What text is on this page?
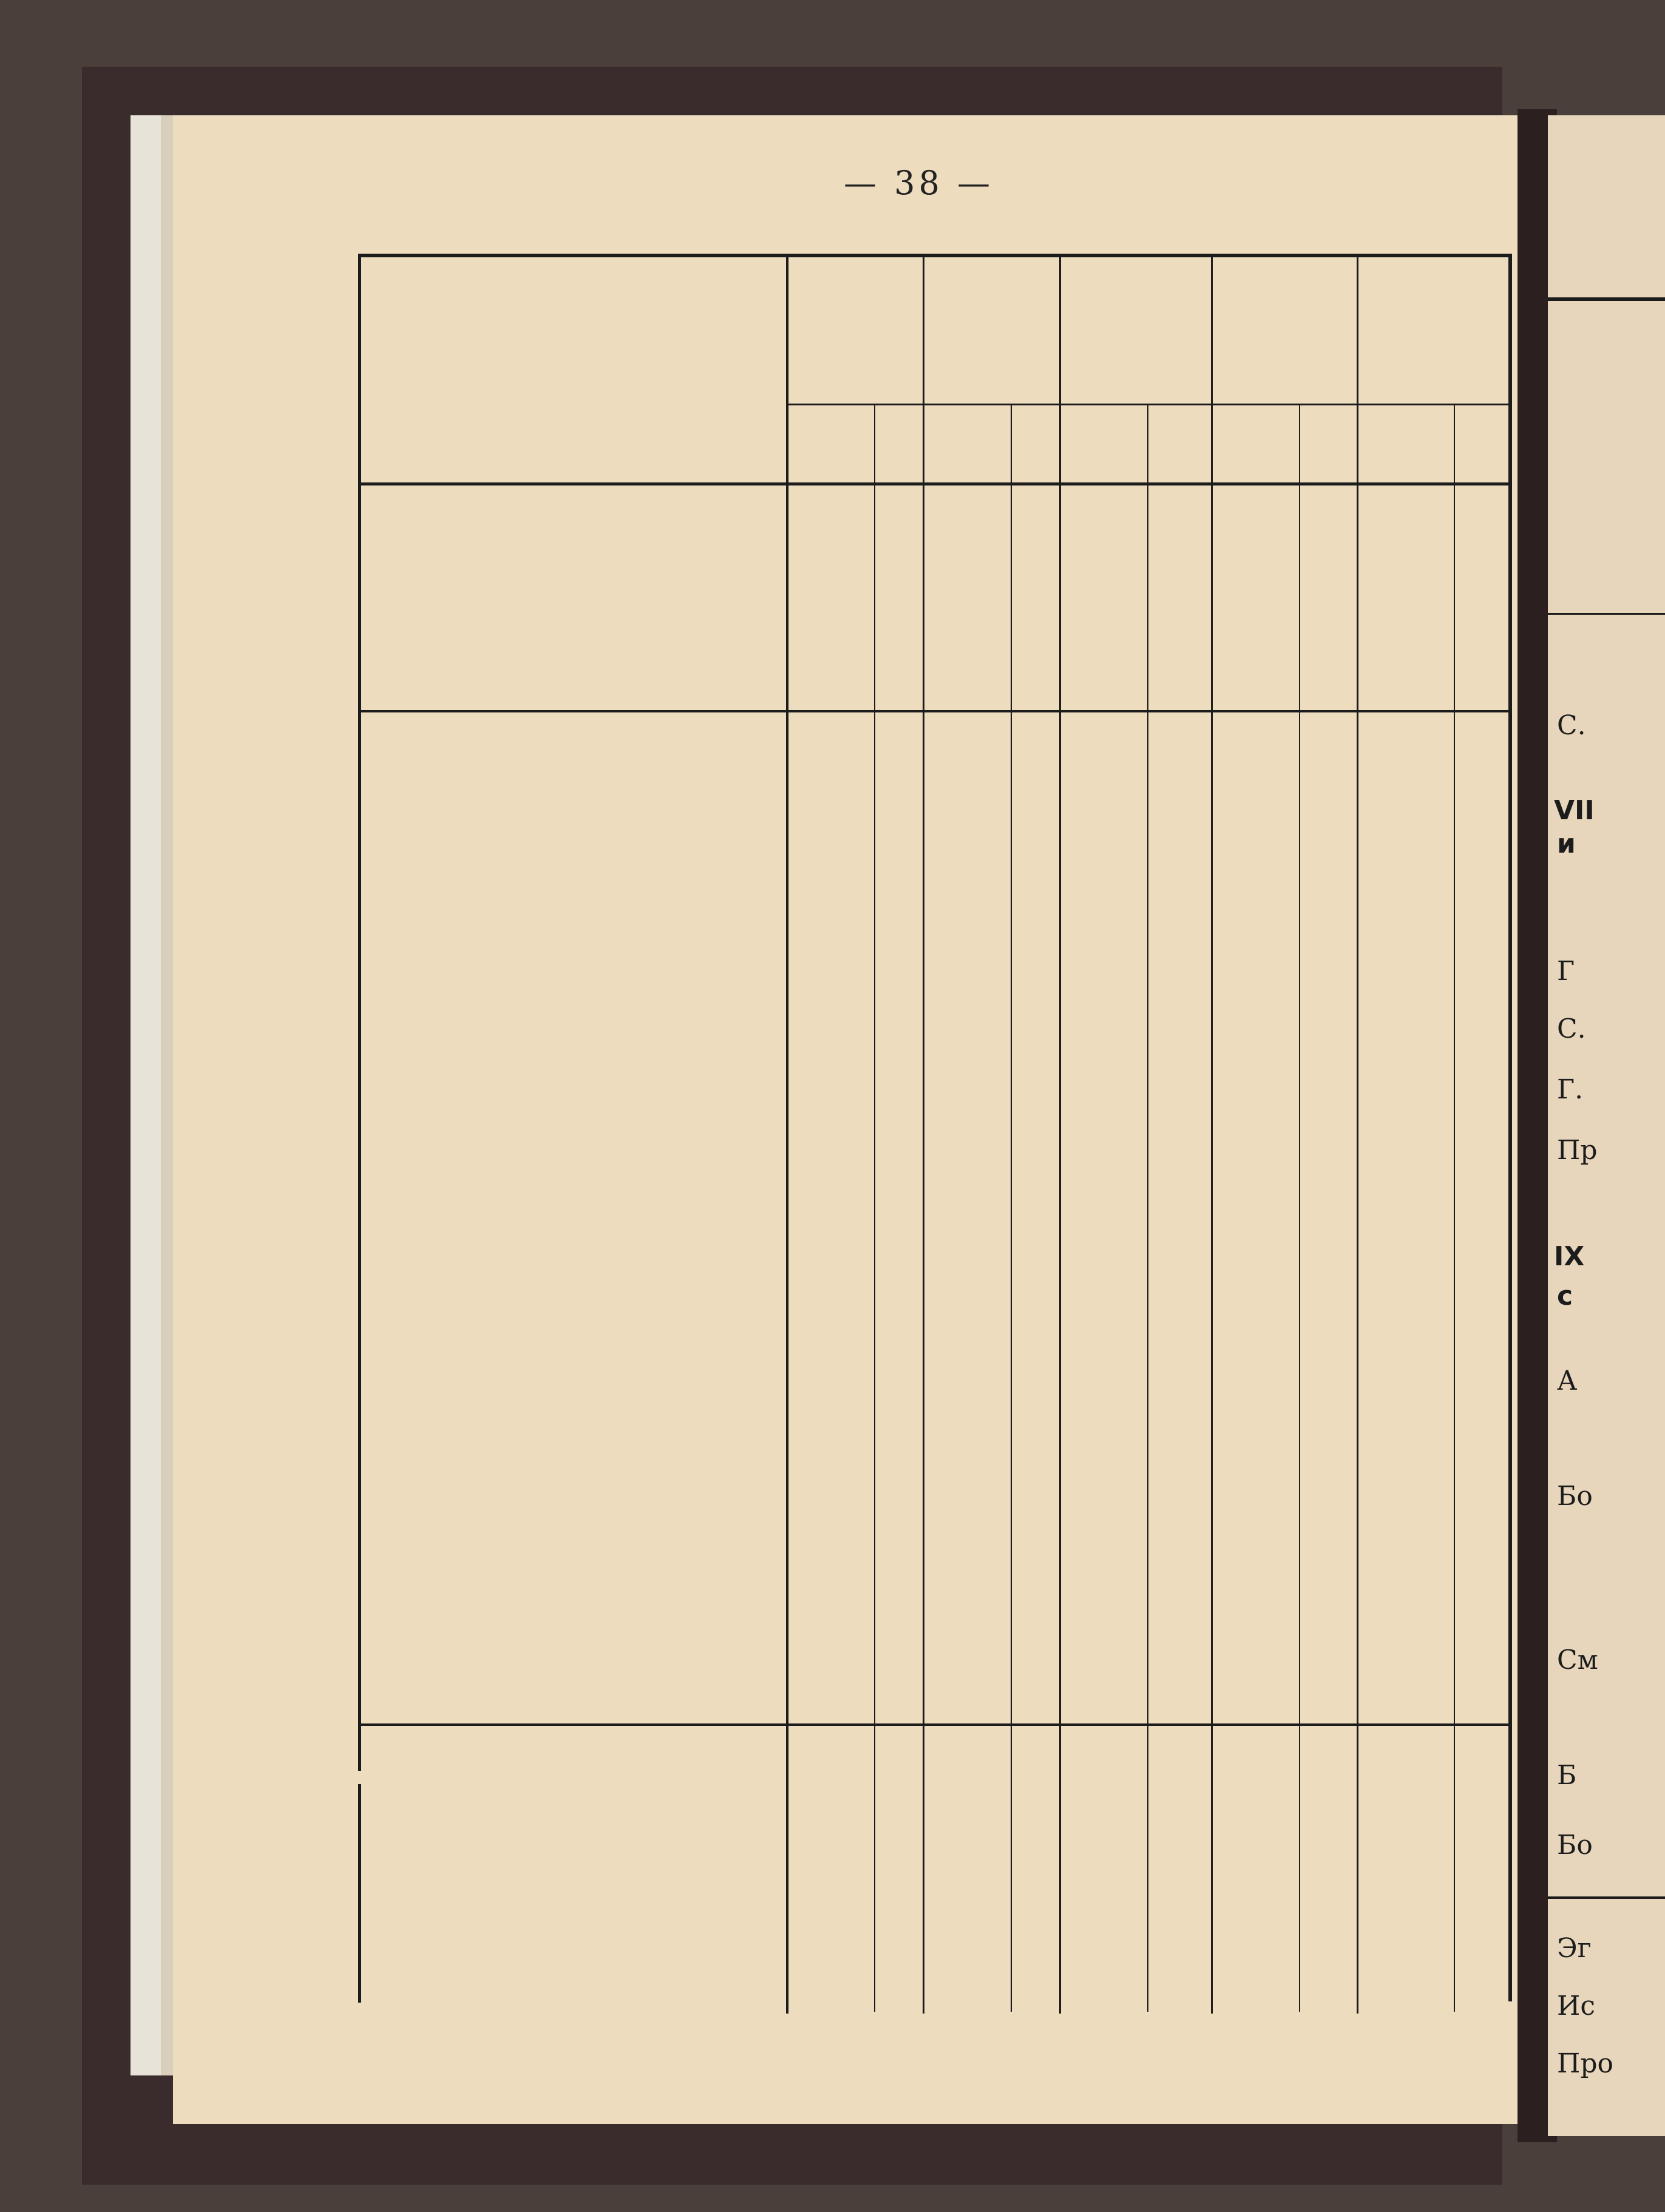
С.
VII
и
Г
С.
Г.
Пр
IX
с
А
Бо
См
Б
Бо
Эг
Ис
Про
— 38 —
